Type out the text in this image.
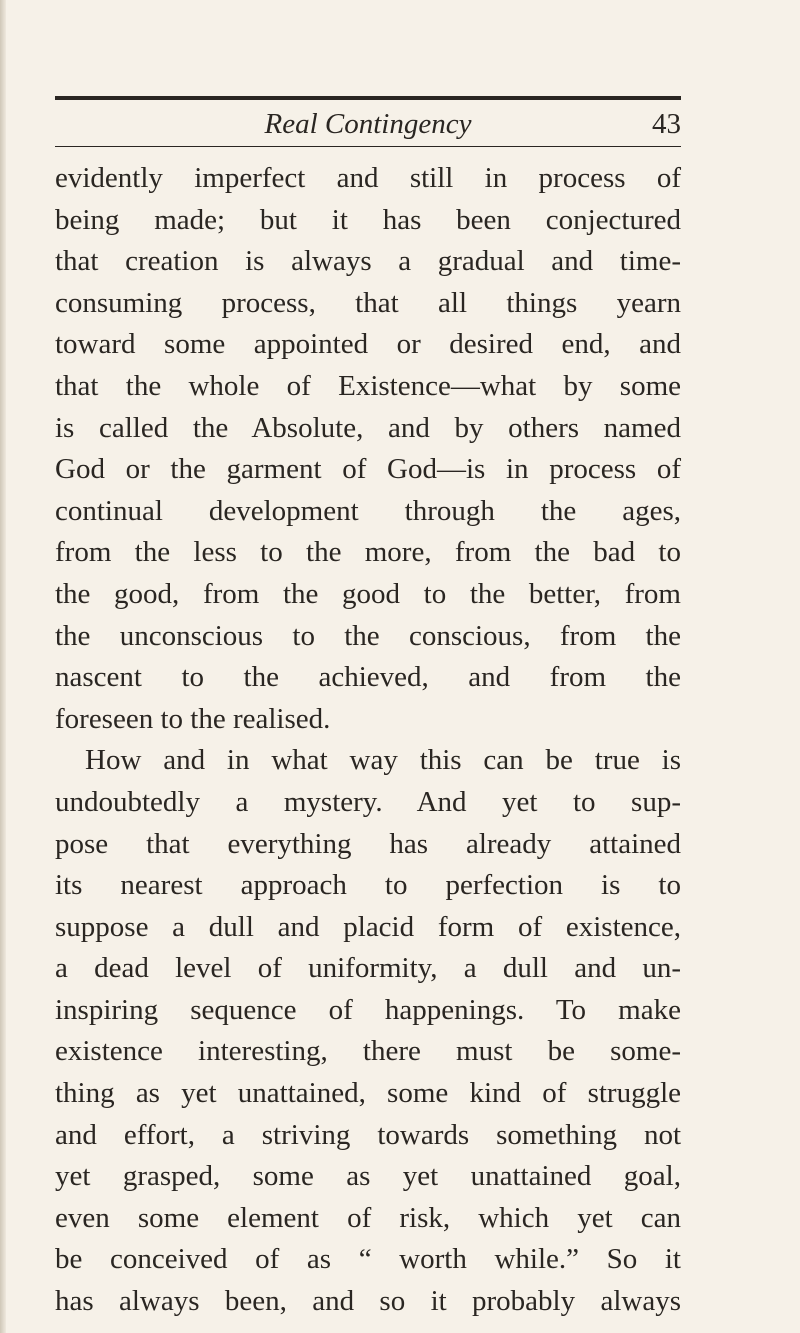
Real Contingency	43
evidently imperfect and still in process of
being made; but it has been conjectured
that creation is always a gradual and time-
consuming process, that all things yearn
toward some appointed or desired end, and
that the whole of Existence—what by some
is called the Absolute, and by others named
God or the garment of God—is in process of
continual development through the ages,
from the less to the more, from the bad to
the good, from the good to the better, from
the unconscious to the conscious, from the
nascent to the achieved, and from the
foreseen to the realised.
How and in what way this can be true is
undoubtedly a mystery. And yet to sup-
pose that everything has already attained
its nearest approach to perfection is to
suppose a dull and placid form of existence,
a dead level of uniformity, a dull and un-
inspiring sequence of happenings. To make
existence interesting, there must be some-
thing as yet unattained, some kind of struggle
and effort, a striving towards something not
yet grasped, some as yet unattained goal,
even some element of risk, which yet can
be conceived of as “ worth while.” So it
has always been, and so it probably always
